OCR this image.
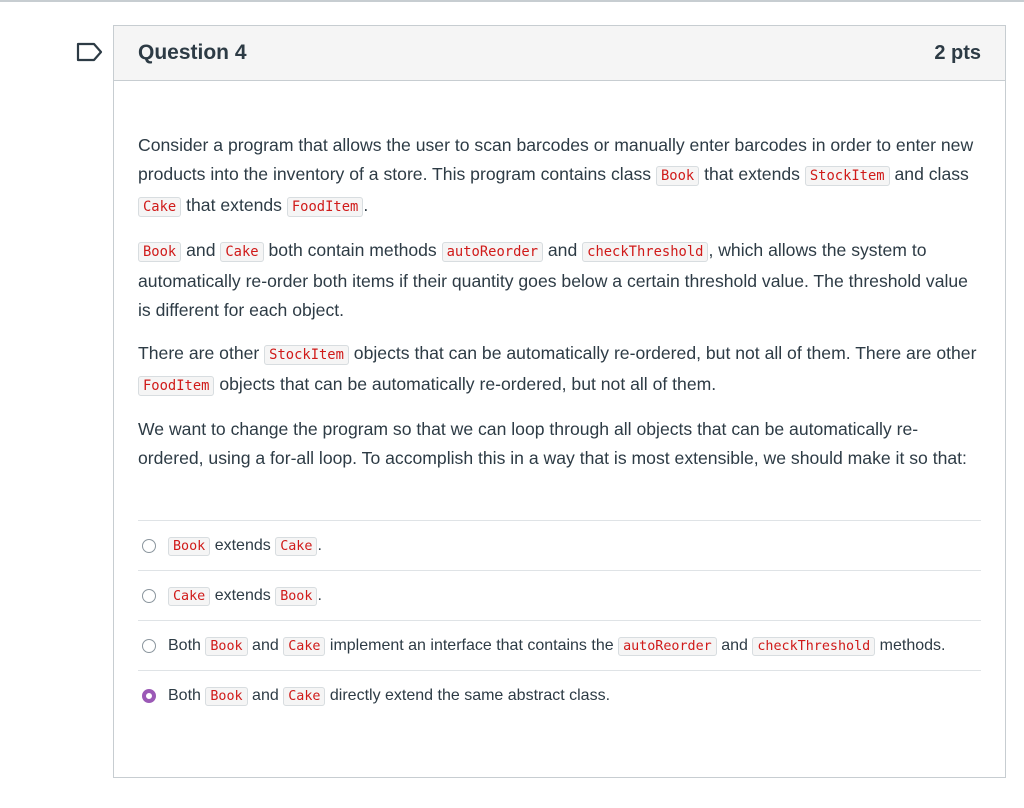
Question 4	2 pts

Consider a program that allows the user to scan barcodes or manually enter barcodes in order to enter new products into the inventory of a store. This program contains class Book that extends StockItem and class Cake that extends FoodItem .

Book and Cake both contain methods autoReorder and checkThreshold , which allows the system to automatically re-order both items if their quantity goes below a certain threshold value. The threshold value is different for each object.

There are other StockItem objects that can be automatically re-ordered, but not all of them. There are other FoodItem objects that can be automatically re-ordered, but not all of them.

We want to change the program so that we can loop through all objects that can be automatically re-ordered, using a for-all loop. To accomplish this in a way that is most extensible, we should make it so that:

Book extends Cake .
Cake extends Book .
Both Book and Cake implement an interface that contains the autoReorder and checkThreshold methods.
Both Book and Cake directly extend the same abstract class.
